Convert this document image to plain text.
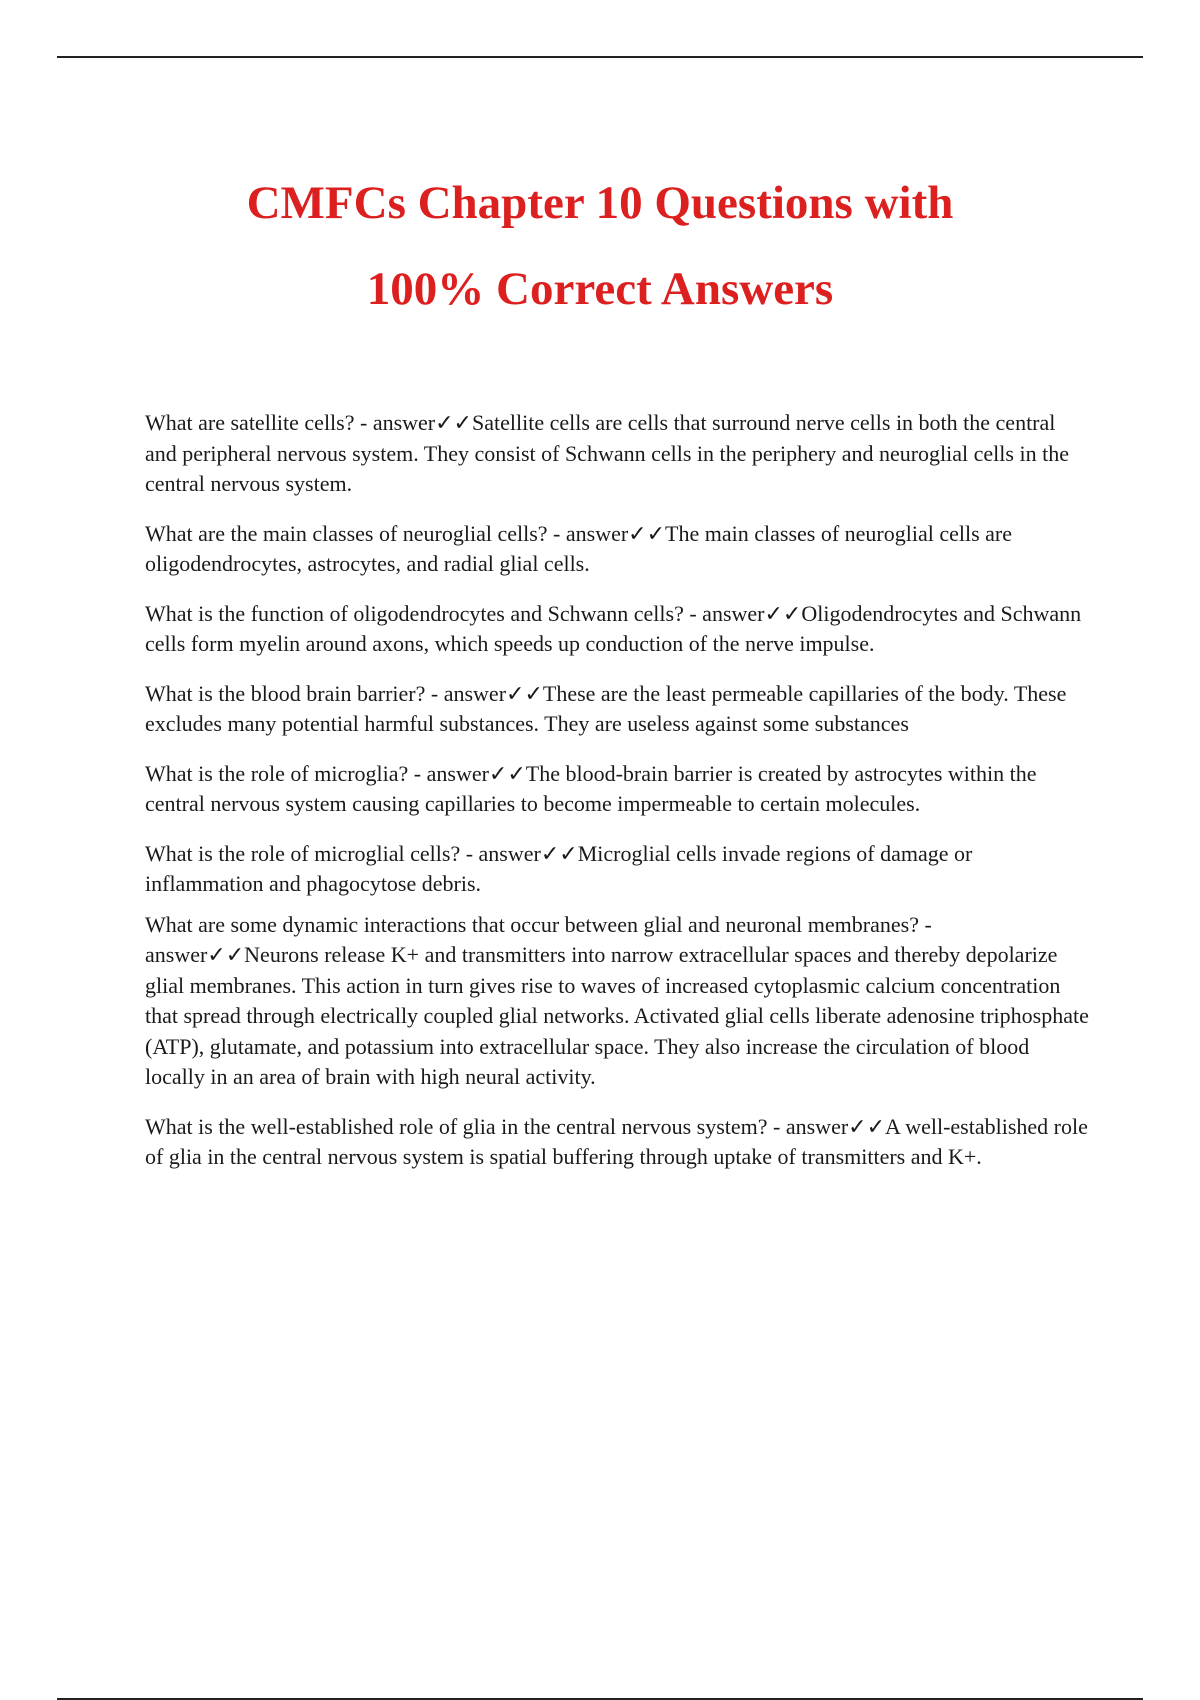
CMFCs Chapter 10 Questions with
100% Correct Answers

What are satellite cells? - answer✓✓Satellite cells are cells that surround nerve cells in both the central and peripheral nervous system. They consist of Schwann cells in the periphery and neuroglial cells in the central nervous system.

What are the main classes of neuroglial cells? - answer✓✓The main classes of neuroglial cells are oligodendrocytes, astrocytes, and radial glial cells.

What is the function of oligodendrocytes and Schwann cells? - answer✓✓Oligodendrocytes and Schwann cells form myelin around axons, which speeds up conduction of the nerve impulse.

What is the blood brain barrier? - answer✓✓These are the least permeable capillaries of the body. These excludes many potential harmful substances. They are useless against some substances

What is the role of microglia? - answer✓✓The blood-brain barrier is created by astrocytes within the central nervous system causing capillaries to become impermeable to certain molecules.

What is the role of microglial cells? - answer✓✓Microglial cells invade regions of damage or inflammation and phagocytose debris.

What are some dynamic interactions that occur between glial and neuronal membranes? - answer✓✓Neurons release K+ and transmitters into narrow extracellular spaces and thereby depolarize glial membranes. This action in turn gives rise to waves of increased cytoplasmic calcium concentration that spread through electrically coupled glial networks. Activated glial cells liberate adenosine triphosphate (ATP), glutamate, and potassium into extracellular space. They also increase the circulation of blood locally in an area of brain with high neural activity.

What is the well-established role of glia in the central nervous system? - answer✓✓A well-established role of glia in the central nervous system is spatial buffering through uptake of transmitters and K+.
